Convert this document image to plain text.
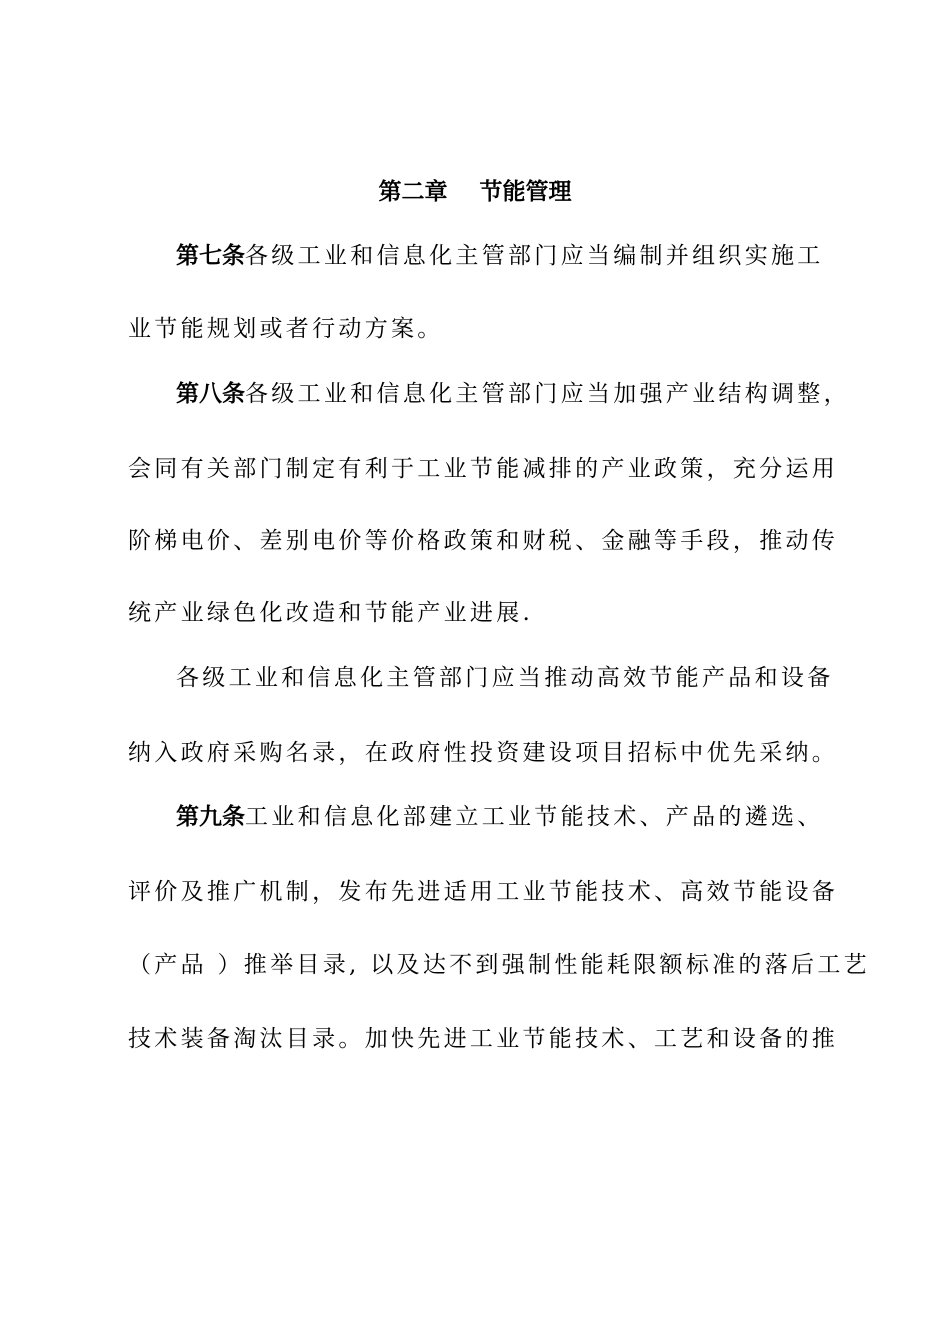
第二章    节能管理
第七条各级工业和信息化主管部门应当编制并组织实施工
业节能规划或者行动方案。
第八条各级工业和信息化主管部门应当加强产业结构调整，
会同有关部门制定有利于工业节能减排的产业政策，充分运用
阶梯电价、差别电价等价格政策和财税、金融等手段，推动传
统产业绿色化改造和节能产业进展.
各级工业和信息化主管部门应当推动高效节能产品和设备
纳入政府采购名录，在政府性投资建设项目招标中优先采纳。
第九条工业和信息化部建立工业节能技术、产品的遴选、
评价及推广机制，发布先进适用工业节能技术、高效节能设备
（产品 ）推举目录, 以及达不到强制性能耗限额标准的落后工艺
技术装备淘汰目录。加快先进工业节能技术、工艺和设备的推
